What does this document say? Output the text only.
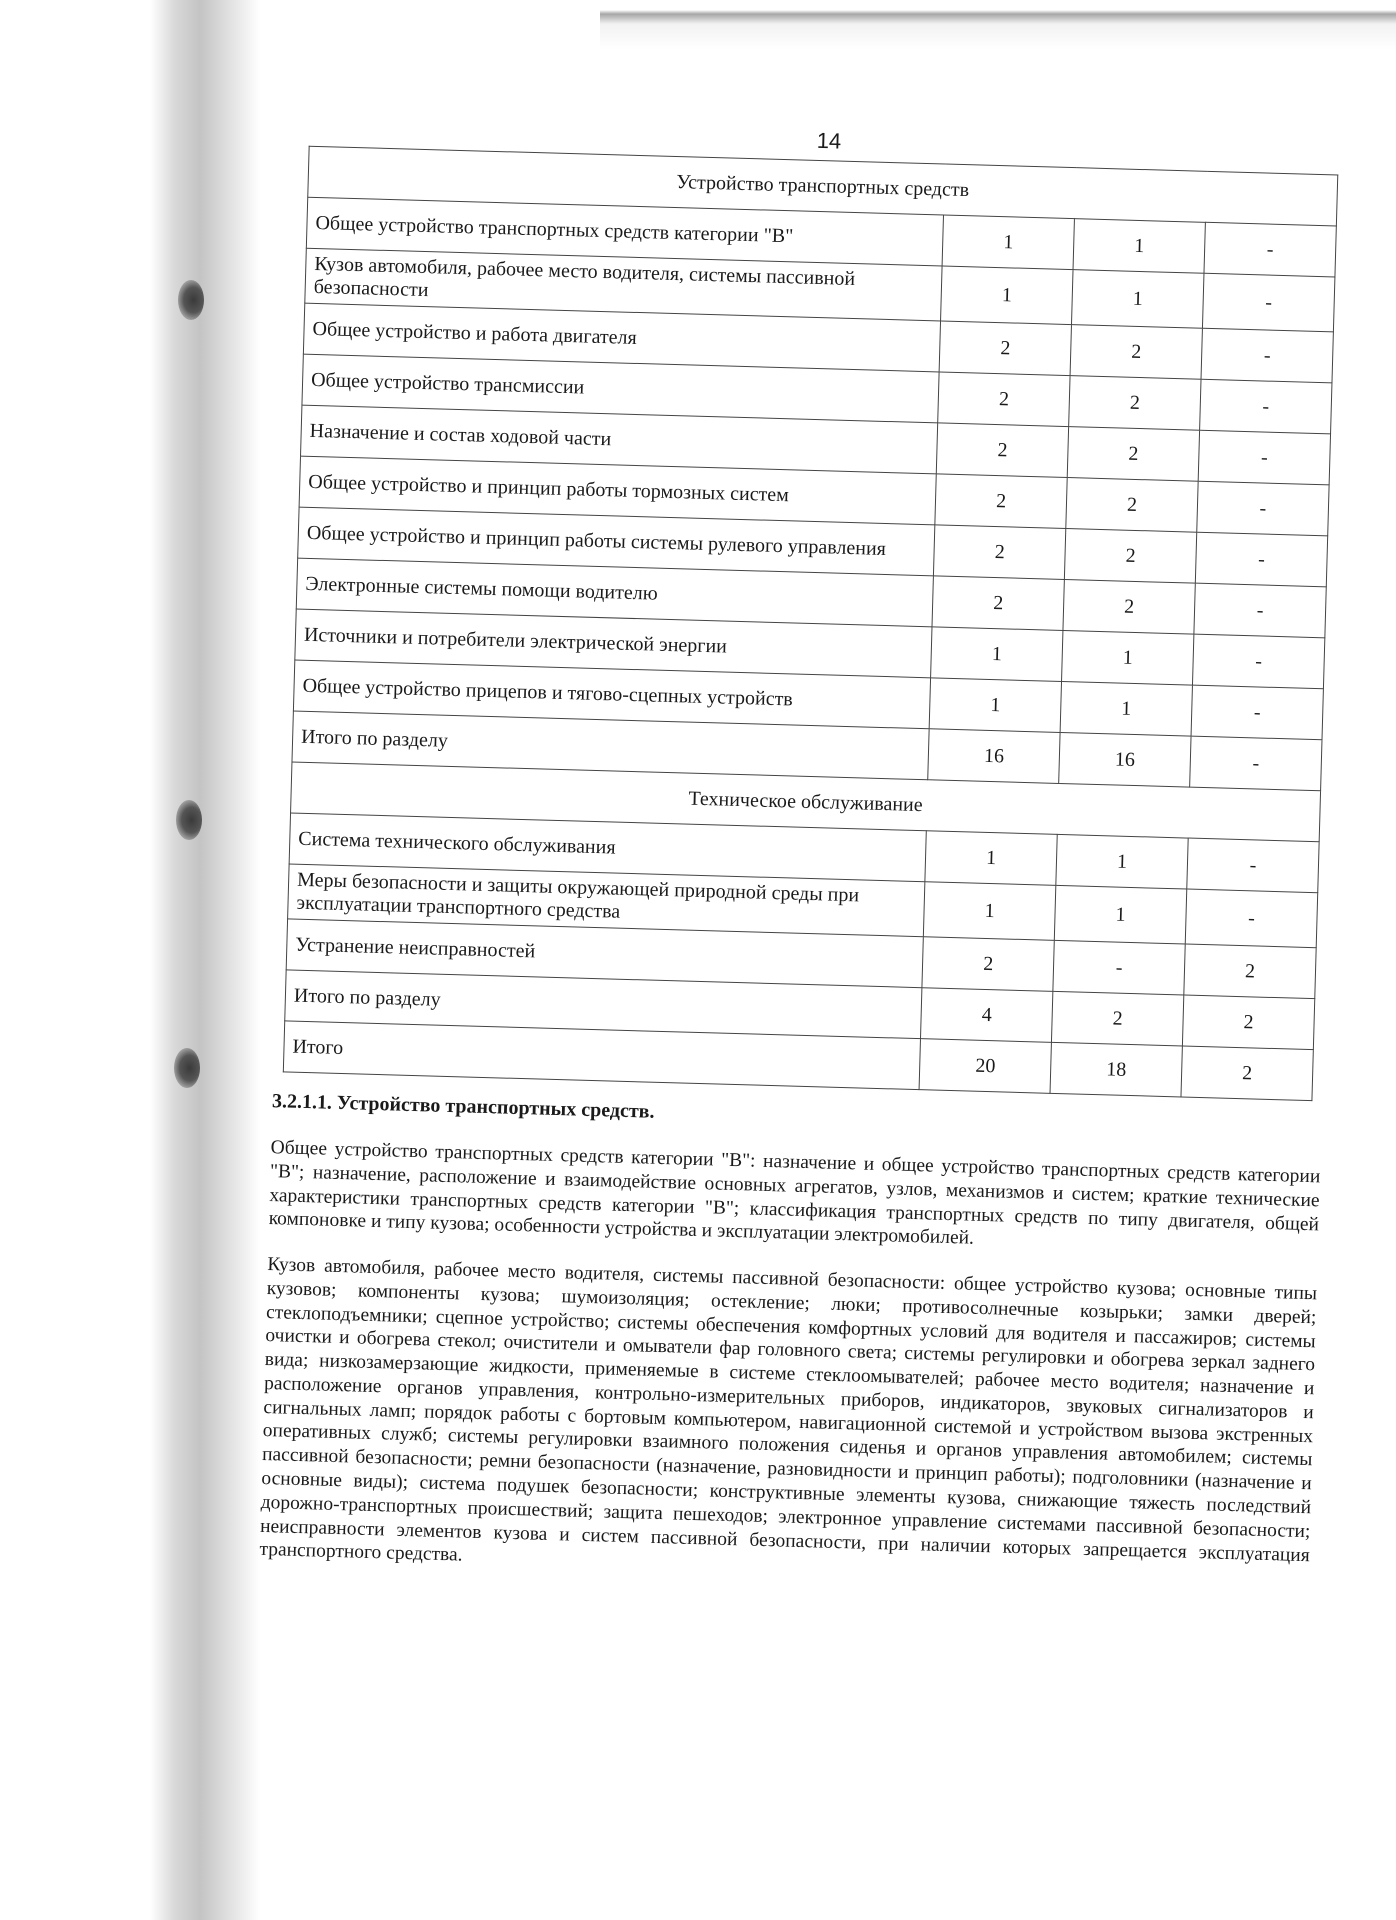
14
Устройство транспортных средств			
Общее устройство транспортных средств категории "В"	1	1	-
Кузов автомобиля, рабочее место водителя, системы пассивной безопасности	1	1	-
Общее устройство и работа двигателя	2	2	-
Общее устройство трансмиссии	2	2	-
Назначение и состав ходовой части	2	2	-
Общее устройство и принцип работы тормозных систем	2	2	-
Общее устройство и принцип работы системы рулевого управления	2	2	-
Электронные системы помощи водителю	2	2	-
Источники и потребители электрической энергии	1	1	-
Общее устройство прицепов и тягово-сцепных устройств	1	1	-
Итого по разделу	16	16	-
Техническое обслуживание			
Система технического обслуживания	1	1	-
Меры безопасности и защиты окружающей природной среды при эксплуатации транспортного средства	1	1	-
Устранение неисправностей	2	-	2
Итого по разделу	4	2	2
Итого	20	18	2
3.2.1.1. Устройство транспортных средств.
Общее устройство транспортных средств категории "В": назначение и общее устройство транспортных средств категории "В"; назначение, расположение и взаимодействие основных агрегатов, узлов, механизмов и систем; краткие технические характеристики транспортных средств категории "В"; классификация транспортных средств по типу двигателя, общей компоновке и типу кузова; особенности устройства и эксплуатации электромобилей.
Кузов автомобиля, рабочее место водителя, системы пассивной безопасности: общее устройство кузова; основные типы кузовов; компоненты кузова; шумоизоляция; остекление; люки; противосолнечные козырьки; замки дверей; стеклоподъемники; сцепное устройство; системы обеспечения комфортных условий для водителя и пассажиров; системы очистки и обогрева стекол; очистители и омыватели фар головного света; системы регулировки и обогрева зеркал заднего вида; низкозамерзающие жидкости, применяемые в системе стеклоомывателей; рабочее место водителя; назначение и расположение органов управления, контрольно-измерительных приборов, индикаторов, звуковых сигнализаторов и сигнальных ламп; порядок работы с бортовым компьютером, навигационной системой и устройством вызова экстренных оперативных служб; системы регулировки взаимного положения сиденья и органов управления автомобилем; системы пассивной безопасности; ремни безопасности (назначение, разновидности и принцип работы); подголовники (назначение и основные виды); система подушек безопасности; конструктивные элементы кузова, снижающие тяжесть последствий дорожно-транспортных происшествий; защита пешеходов; электронное управление системами пассивной безопасности; неисправности элементов кузова и систем пассивной безопасности, при наличии которых запрещается эксплуатация транспортного средства.
